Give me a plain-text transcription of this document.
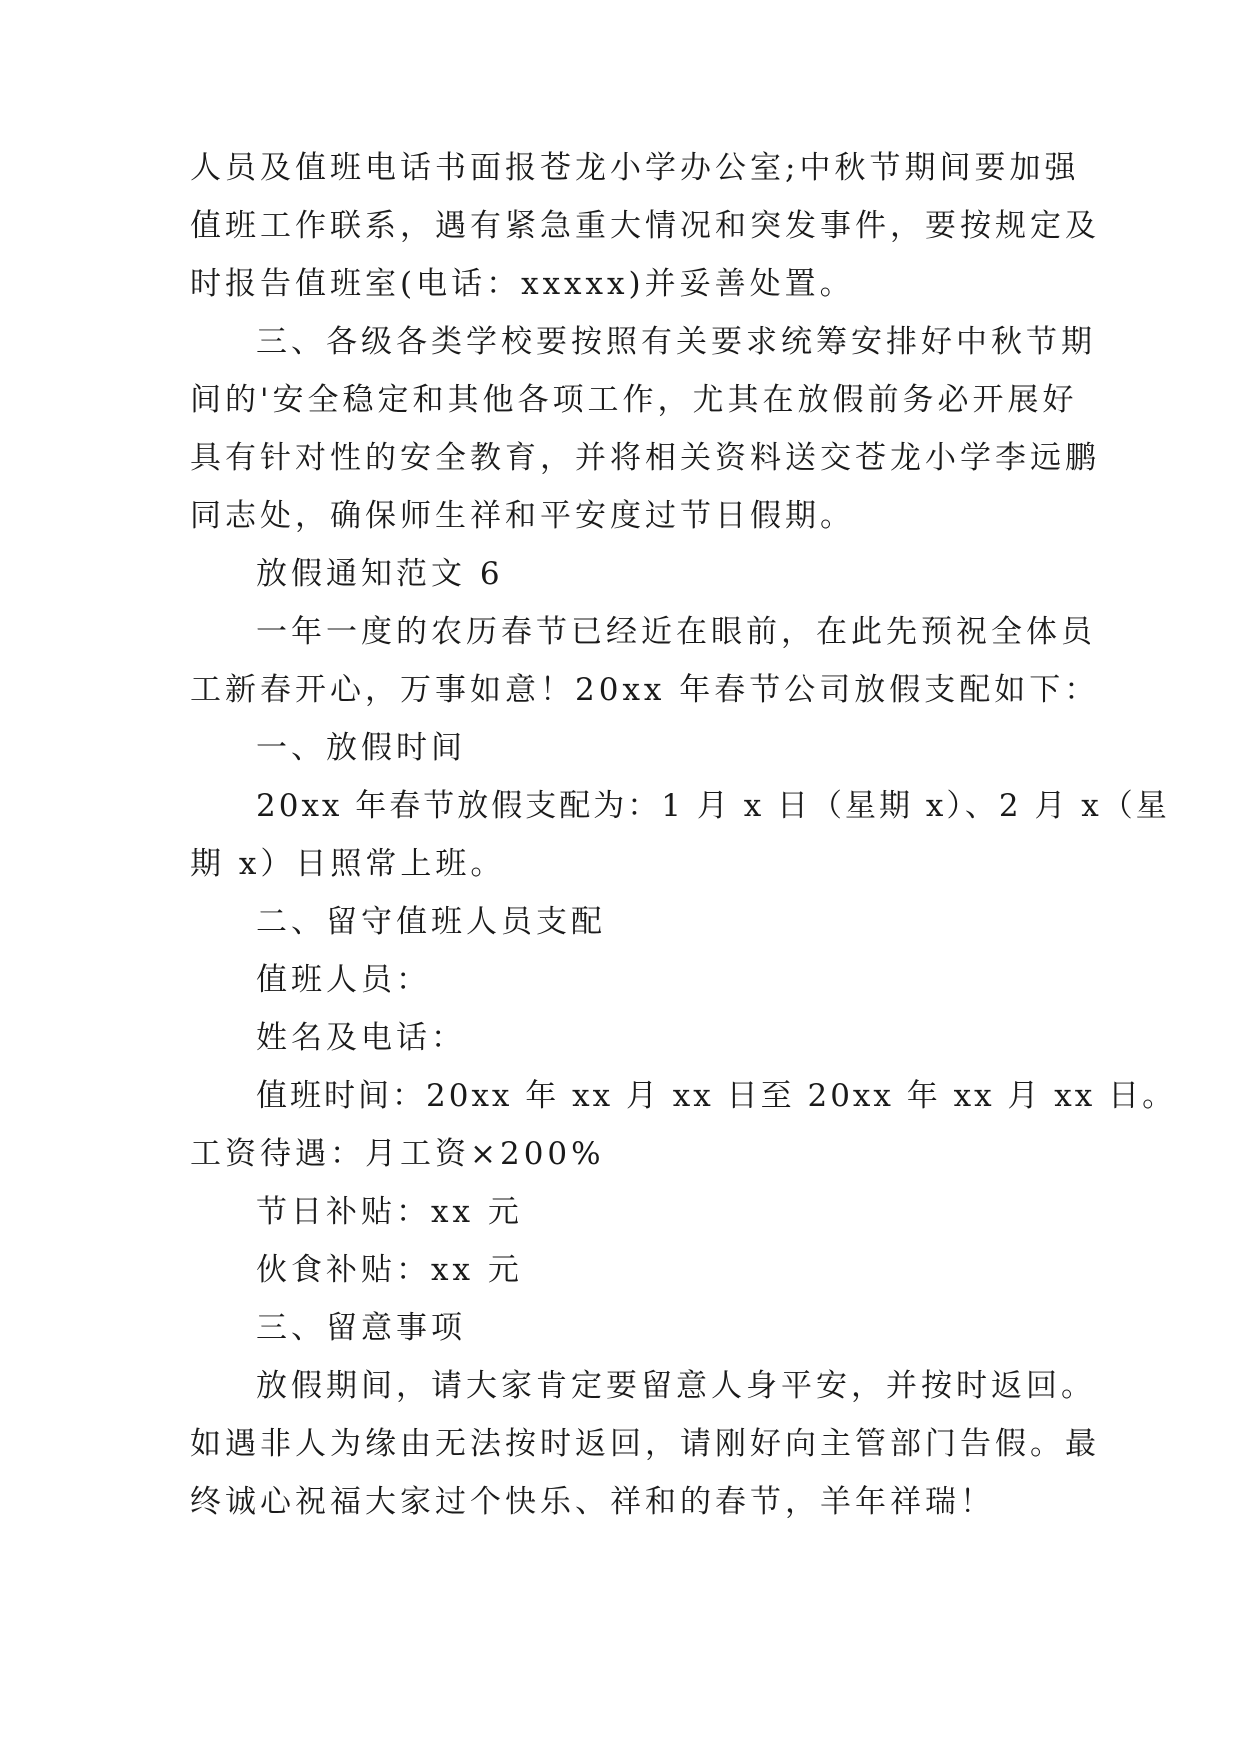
人员及值班电话书面报苍龙小学办公室;中秋节期间要加强
值班工作联系，遇有紧急重大情况和突发事件，要按规定及
时报告值班室(电话：xxxxx)并妥善处置。
三、各级各类学校要按照有关要求统筹安排好中秋节期
间的'安全稳定和其他各项工作，尤其在放假前务必开展好
具有针对性的安全教育，并将相关资料送交苍龙小学李远鹏
同志处，确保师生祥和平安度过节日假期。
放假通知范文 6
一年一度的农历春节已经近在眼前，在此先预祝全体员
工新春开心，万事如意！20xx 年春节公司放假支配如下：
一、放假时间
20xx 年春节放假支配为：1 月 x 日（星期 x）、2 月 x（星
期 x）日照常上班。
二、留守值班人员支配
值班人员：
姓名及电话：
值班时间：20xx 年 xx 月 xx 日至 20xx 年 xx 月 xx 日。
工资待遇：月工资×200%
节日补贴：xx 元
伙食补贴：xx 元
三、留意事项
放假期间，请大家肯定要留意人身平安，并按时返回。
如遇非人为缘由无法按时返回，请刚好向主管部门告假。最
终诚心祝福大家过个快乐、祥和的春节，羊年祥瑞！
